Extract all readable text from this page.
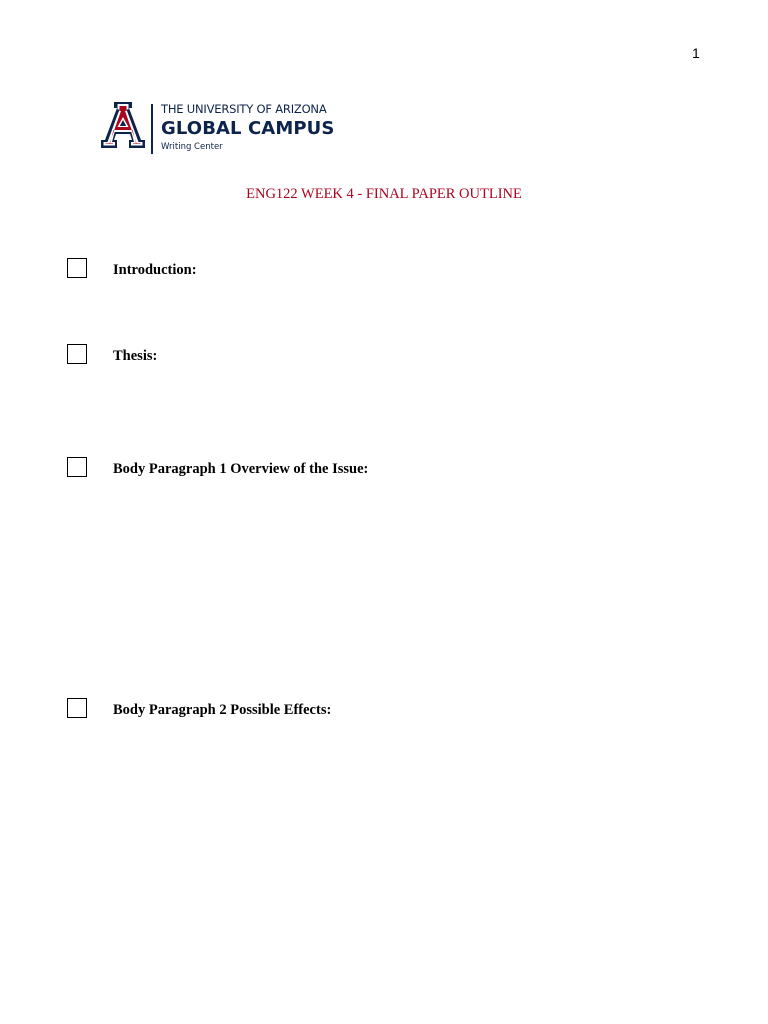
1
THE UNIVERSITY OF ARIZONA
GLOBAL CAMPUS
Writing Center
ENG122 WEEK 4 - FINAL PAPER OUTLINE
Introduction:
Thesis:
Body Paragraph 1 Overview of the Issue:
Body Paragraph 2 Possible Effects:
